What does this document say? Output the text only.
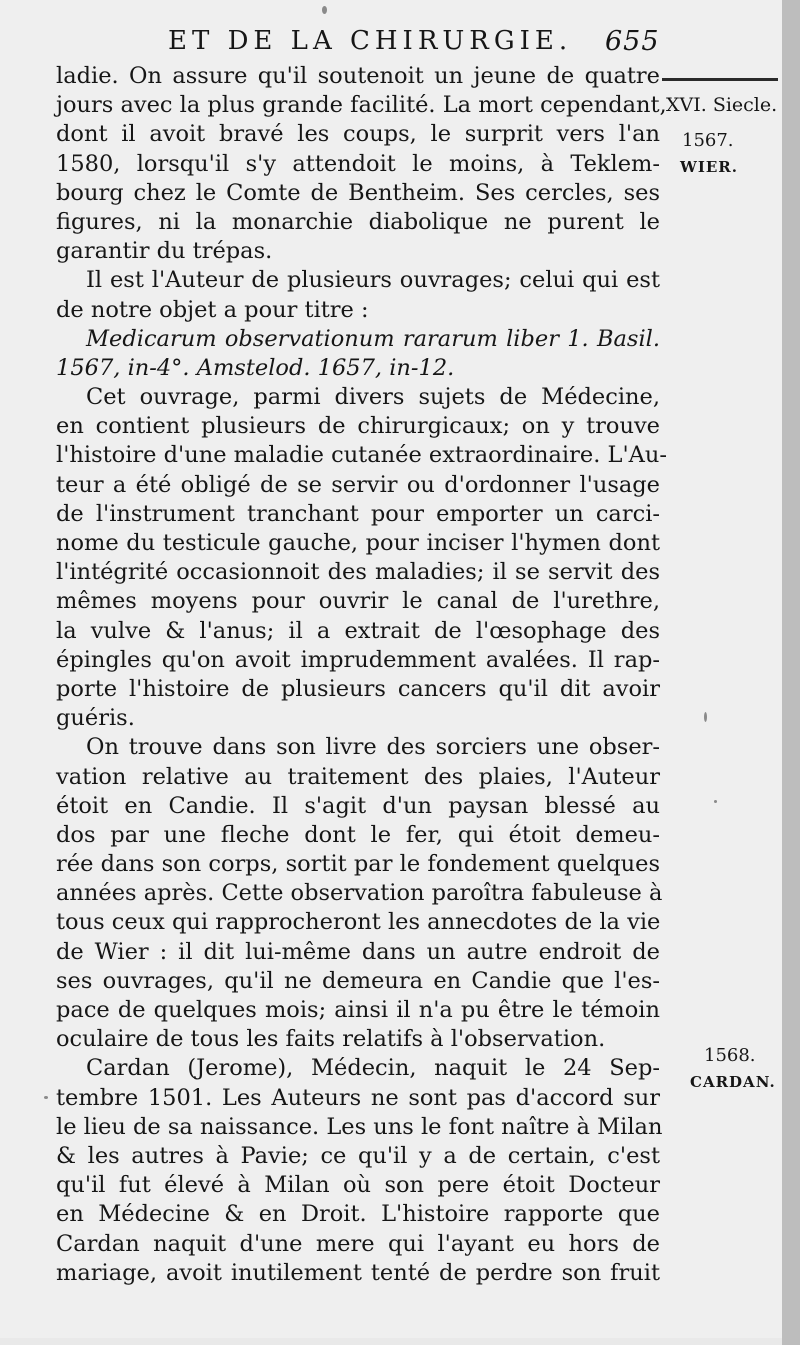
ET DE LA CHIRURGIE. 655
ladie. On assure qu'il soutenoit un jeune de quatre
jours avec la plus grande facilité. La mort cependant,
dont il avoit bravé les coups, le surprit vers l'an
1580, lorsqu'il s'y attendoit le moins, à Teklem-
bourg chez le Comte de Bentheim. Ses cercles, ses
figures, ni la monarchie diabolique ne purent le
garantir du trépas.
Il est l'Auteur de plusieurs ouvrages; celui qui est
de notre objet a pour titre :
Medicarum observationum rararum liber 1. Basil.
1567, in-4°. Amstelod. 1657, in-12.
Cet ouvrage, parmi divers sujets de Médecine,
en contient plusieurs de chirurgicaux; on y trouve
l'histoire d'une maladie cutanée extraordinaire. L'Au-
teur a été obligé de se servir ou d'ordonner l'usage
de l'instrument tranchant pour emporter un carci-
nome du testicule gauche, pour inciser l'hymen dont
l'intégrité occasionnoit des maladies; il se servit des
mêmes moyens pour ouvrir le canal de l'urethre,
la vulve & l'anus; il a extrait de l'œsophage des
épingles qu'on avoit imprudemment avalées. Il rap-
porte l'histoire de plusieurs cancers qu'il dit avoir
guéris.
On trouve dans son livre des sorciers une obser-
vation relative au traitement des plaies, l'Auteur
étoit en Candie. Il s'agit d'un paysan blessé au
dos par une fleche dont le fer, qui étoit demeu-
rée dans son corps, sortit par le fondement quelques
années après. Cette observation paroîtra fabuleuse à
tous ceux qui rapprocheront les annecdotes de la vie
de Wier : il dit lui-même dans un autre endroit de
ses ouvrages, qu'il ne demeura en Candie que l'es-
pace de quelques mois; ainsi il n'a pu être le témoin
oculaire de tous les faits relatifs à l'observation.
Cardan (Jerome), Médecin, naquit le 24 Sep-
tembre 1501. Les Auteurs ne sont pas d'accord sur
le lieu de sa naissance. Les uns le font naître à Milan
& les autres à Pavie; ce qu'il y a de certain, c'est
qu'il fut élevé à Milan où son pere étoit Docteur
en Médecine & en Droit. L'histoire rapporte que
Cardan naquit d'une mere qui l'ayant eu hors de
mariage, avoit inutilement tenté de perdre son fruit
XVI. Siecle.
1567.
WIER.
1568.
CARDAN.
